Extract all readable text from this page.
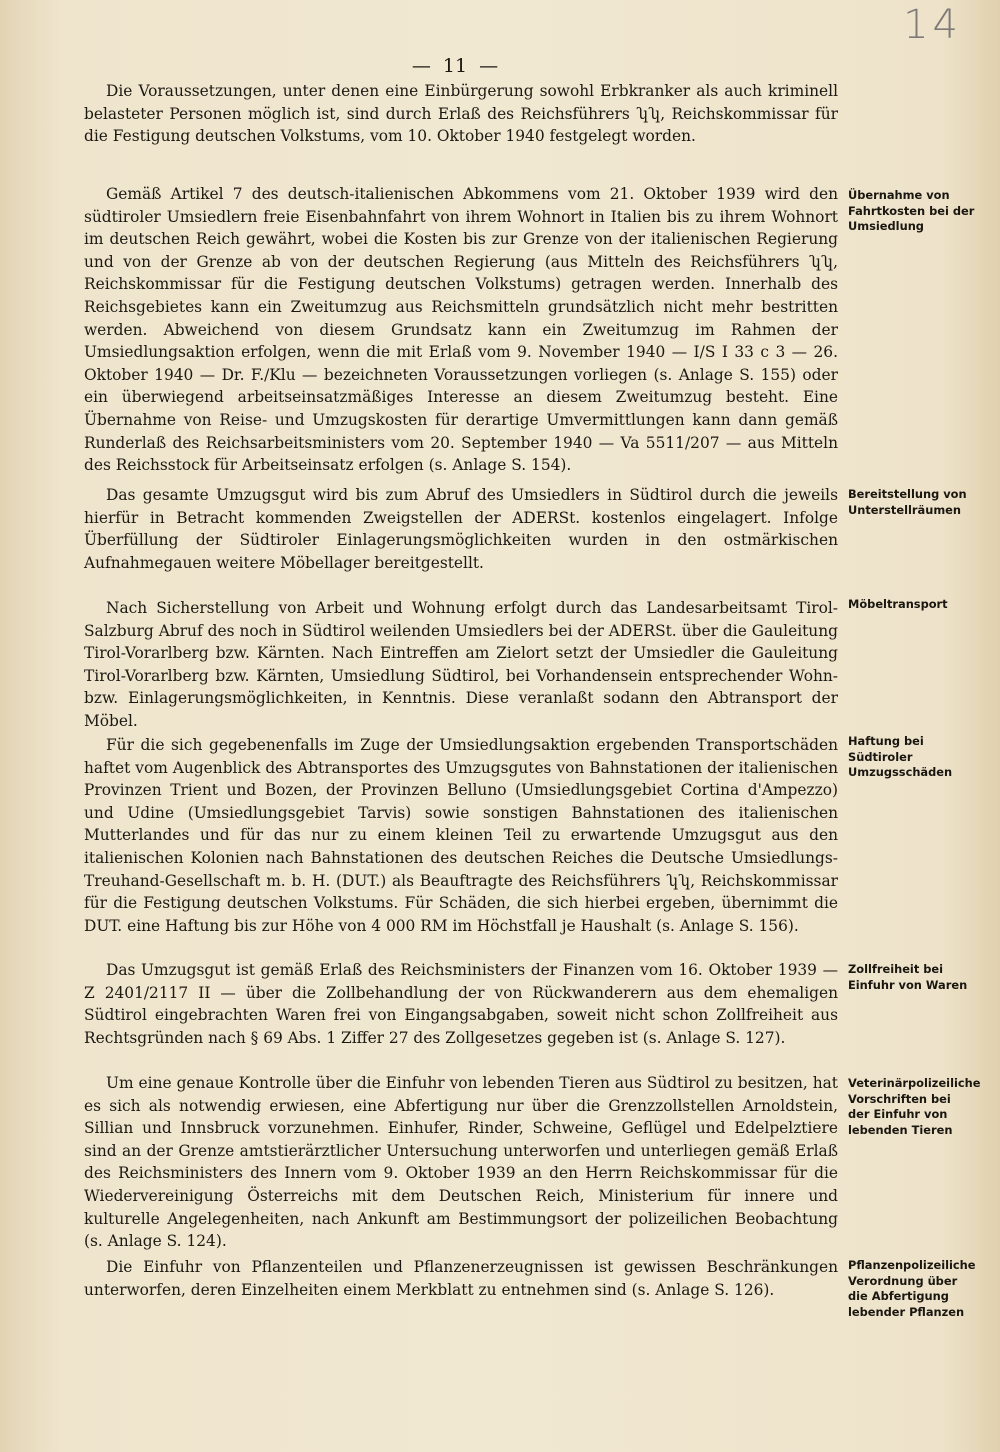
14
— 11 —

Die Voraussetzungen, unter denen eine Einbürgerung sowohl Erbkranker als auch kriminell belasteter Personen möglich ist, sind durch Erlaß des Reichsführers ʮʮ, Reichskommissar für die Festigung deutschen Volkstums, vom 10. Oktober 1940 festgelegt worden.

Gemäß Artikel 7 des deutsch-italienischen Abkommens vom 21. Oktober 1939 wird den südtiroler Umsiedlern freie Eisenbahnfahrt von ihrem Wohnort in Italien bis zu ihrem Wohnort im deutschen Reich gewährt, wobei die Kosten bis zur Grenze von der italienischen Regierung und von der Grenze ab von der deutschen Regierung (aus Mitteln des Reichsführers ʮʮ, Reichskommissar für die Festigung deutschen Volkstums) getragen werden. Innerhalb des Reichsgebietes kann ein Zweitumzug aus Reichsmitteln grundsätzlich nicht mehr bestritten werden. Abweichend von diesem Grundsatz kann ein Zweitumzug im Rahmen der Umsiedlungsaktion erfolgen, wenn die mit Erlaß vom 9. November 1940 — I/S I 33 c 3 — 26. Oktober 1940 — Dr. F./Klu — bezeichneten Voraussetzungen vorliegen (s. Anlage S. 155) oder ein überwiegend arbeitseinsatzmäßiges Interesse an diesem Zweitumzug besteht. Eine Übernahme von Reise- und Umzugskosten für derartige Umvermittlungen kann dann gemäß Runderlaß des Reichsarbeitsministers vom 20. September 1940 — Va 5511/207 — aus Mitteln des Reichsstock für Arbeitseinsatz erfolgen (s. Anlage S. 154).

Das gesamte Umzugsgut wird bis zum Abruf des Umsiedlers in Südtirol durch die jeweils hierfür in Betracht kommenden Zweigstellen der ADERSt. kostenlos eingelagert. Infolge Überfüllung der Südtiroler Einlagerungsmöglichkeiten wurden in den ostmärkischen Aufnahmegauen weitere Möbellager bereitgestellt.

Nach Sicherstellung von Arbeit und Wohnung erfolgt durch das Landesarbeitsamt Tirol-Salzburg Abruf des noch in Südtirol weilenden Umsiedlers bei der ADERSt. über die Gauleitung Tirol-Vorarlberg bzw. Kärnten. Nach Eintreffen am Zielort setzt der Umsiedler die Gauleitung Tirol-Vorarlberg bzw. Kärnten, Umsiedlung Südtirol, bei Vorhandensein entsprechender Wohn- bzw. Einlagerungsmöglichkeiten, in Kenntnis. Diese veranlaßt sodann den Abtransport der Möbel.

Für die sich gegebenenfalls im Zuge der Umsiedlungsaktion ergebenden Transportschäden haftet vom Augenblick des Abtransportes des Umzugsgutes von Bahnstationen der italienischen Provinzen Trient und Bozen, der Provinzen Belluno (Umsiedlungsgebiet Cortina d'Ampezzo) und Udine (Umsiedlungsgebiet Tarvis) sowie sonstigen Bahnstationen des italienischen Mutterlandes und für das nur zu einem kleinen Teil zu erwartende Umzugsgut aus den italienischen Kolonien nach Bahnstationen des deutschen Reiches die Deutsche Umsiedlungs-Treuhand-Gesellschaft m. b. H. (DUT.) als Beauftragte des Reichsführers ʮʮ, Reichskommissar für die Festigung deutschen Volkstums. Für Schäden, die sich hierbei ergeben, übernimmt die DUT. eine Haftung bis zur Höhe von 4 000 RM im Höchstfall je Haushalt (s. Anlage S. 156).

Das Umzugsgut ist gemäß Erlaß des Reichsministers der Finanzen vom 16. Oktober 1939 — Z 2401/2117 II — über die Zollbehandlung der von Rückwanderern aus dem ehemaligen Südtirol eingebrachten Waren frei von Eingangsabgaben, soweit nicht schon Zollfreiheit aus Rechtsgründen nach § 69 Abs. 1 Ziffer 27 des Zollgesetzes gegeben ist (s. Anlage S. 127).

Um eine genaue Kontrolle über die Einfuhr von lebenden Tieren aus Südtirol zu besitzen, hat es sich als notwendig erwiesen, eine Abfertigung nur über die Grenzzollstellen Arnoldstein, Sillian und Innsbruck vorzunehmen. Einhufer, Rinder, Schweine, Geflügel und Edelpelztiere sind an der Grenze amtstierärztlicher Untersuchung unterworfen und unterliegen gemäß Erlaß des Reichsministers des Innern vom 9. Oktober 1939 an den Herrn Reichskommissar für die Wiedervereinigung Österreichs mit dem Deutschen Reich, Ministerium für innere und kulturelle Angelegenheiten, nach Ankunft am Bestimmungsort der polizeilichen Beobachtung (s. Anlage S. 124).

Die Einfuhr von Pflanzenteilen und Pflanzenerzeugnissen ist gewissen Beschränkungen unterworfen, deren Einzelheiten einem Merkblatt zu entnehmen sind (s. Anlage S. 126).

Übernahme von Fahrtkosten bei der Umsiedlung
Bereitstellung von Unterstellräumen
Möbeltransport
Haftung bei Südtiroler Umzugsschäden
Zollfreiheit bei Einfuhr von Waren
Veterinärpolizeiliche Vorschriften bei der Einfuhr von lebenden Tieren
Pflanzenpolizeiliche Verordnung über die Abfertigung lebender Pflanzen
